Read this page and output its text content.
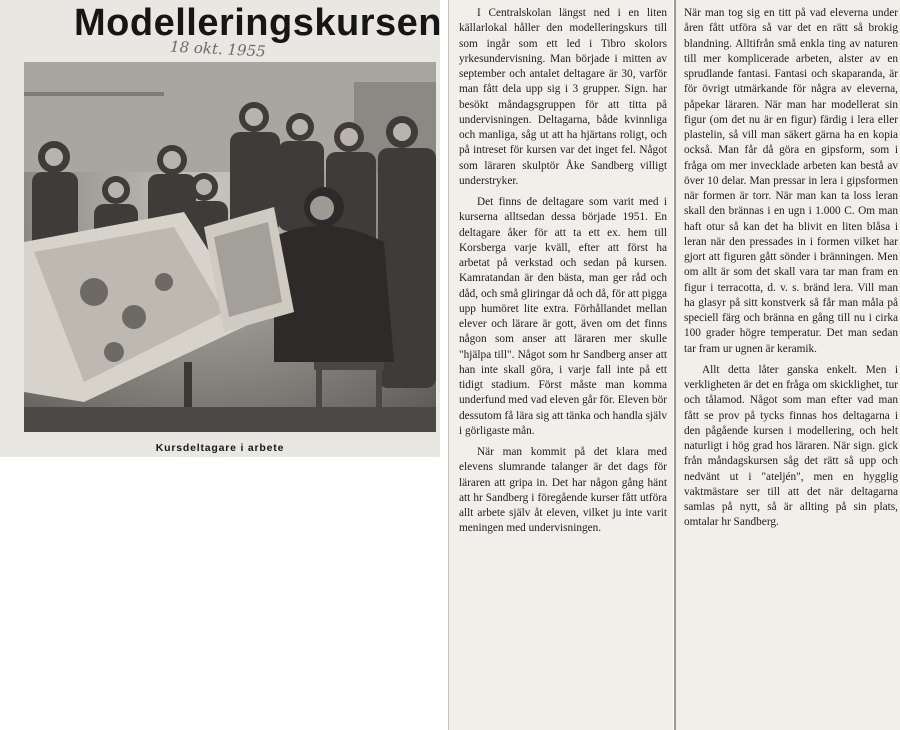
Modelleringskursen

18 okt. 1955

Kursdeltagare i arbete

I Centralskolan längst ned i en liten källarlokal håller den modelleringskurs till som ingår som ett led i Tibro skolors yrkesundervisning. Man började i mitten av september och antalet deltagare är 30, varför man fått dela upp sig i 3 grupper. Sign. har besökt måndagsgruppen för att titta på undervisningen. Deltagarna, både kvinnliga och manliga, såg ut att ha hjärtans roligt, och på intreset för kursen var det inget fel. Något som läraren skulptör Åke Sandberg villigt understryker.

Det finns de deltagare som varit med i kurserna alltsedan dessa började 1951. En deltagare åker för att ta ett ex. hem till Korsberga varje kväll, efter att först ha arbetat på verkstad och sedan på kursen. Kamratandan är den bästa, man ger råd och dåd, och små gliringar då och då, för att pigga upp humöret lite extra. Förhållandet mellan elever och lärare är gott, även om det finns någon som anser att läraren mer skulle "hjälpa till". Något som hr Sandberg anser att han inte skall göra, i varje fall inte på ett tidigt stadium. Först måste man komma underfund med vad eleven går för. Eleven bör dessutom få lära sig att tänka och handla själv i görligaste mån.

När man kommit på det klara med elevens slumrande talanger är det dags för läraren att gripa in. Det har någon gång hänt att hr Sandberg i föregående kurser fått utföra allt arbete själv åt eleven, vilket ju inte varit meningen med undervisningen.

När man tog sig en titt på vad eleverna under åren fått utföra så var det en rätt så brokig blandning. Alltifrån små enkla ting av naturen till mer komplicerade arbeten, alster av en sprudlande fantasi. Fantasi och skaparanda, är för övrigt utmärkande för några av eleverna, påpekar läraren. När man har modellerat sin figur (om det nu är en figur) färdig i lera eller plastelin, så vill man säkert gärna ha en kopia också. Man får då göra en gipsform, som i fråga om mer invecklade arbeten kan bestå av över 10 delar. Man pressar in lera i gipsformen när formen är torr. När man kan ta loss leran skall den brännas i en ugn i 1.000 C. Om man haft otur så kan det ha blivit en liten blåsa i leran när den pressades in i formen vilket har gjort att figuren gått sönder i bränningen. Men om allt är som det skall vara tar man fram en figur i terracotta, d. v. s. bränd lera. Vill man ha glasyr på sitt konstverk så får man måla på speciell färg och bränna en gång till nu i cirka 100 grader högre temperatur. Det man sedan tar fram ur ugnen är keramik.

Allt detta låter ganska enkelt. Men i verkligheten är det en fråga om skicklighet, tur och tålamod. Något som man efter vad man fått se prov på tycks finnas hos deltagarna i den pågående kursen i modellering, och helt naturligt i hög grad hos läraren. När sign. gick från måndagskursen såg det rätt så upp och nedvänt ut i "ateljén", men en hygglig vaktmästare ser till att det när deltagarna samlas på nytt, så är allting på sin plats, omtalar hr Sandberg.
